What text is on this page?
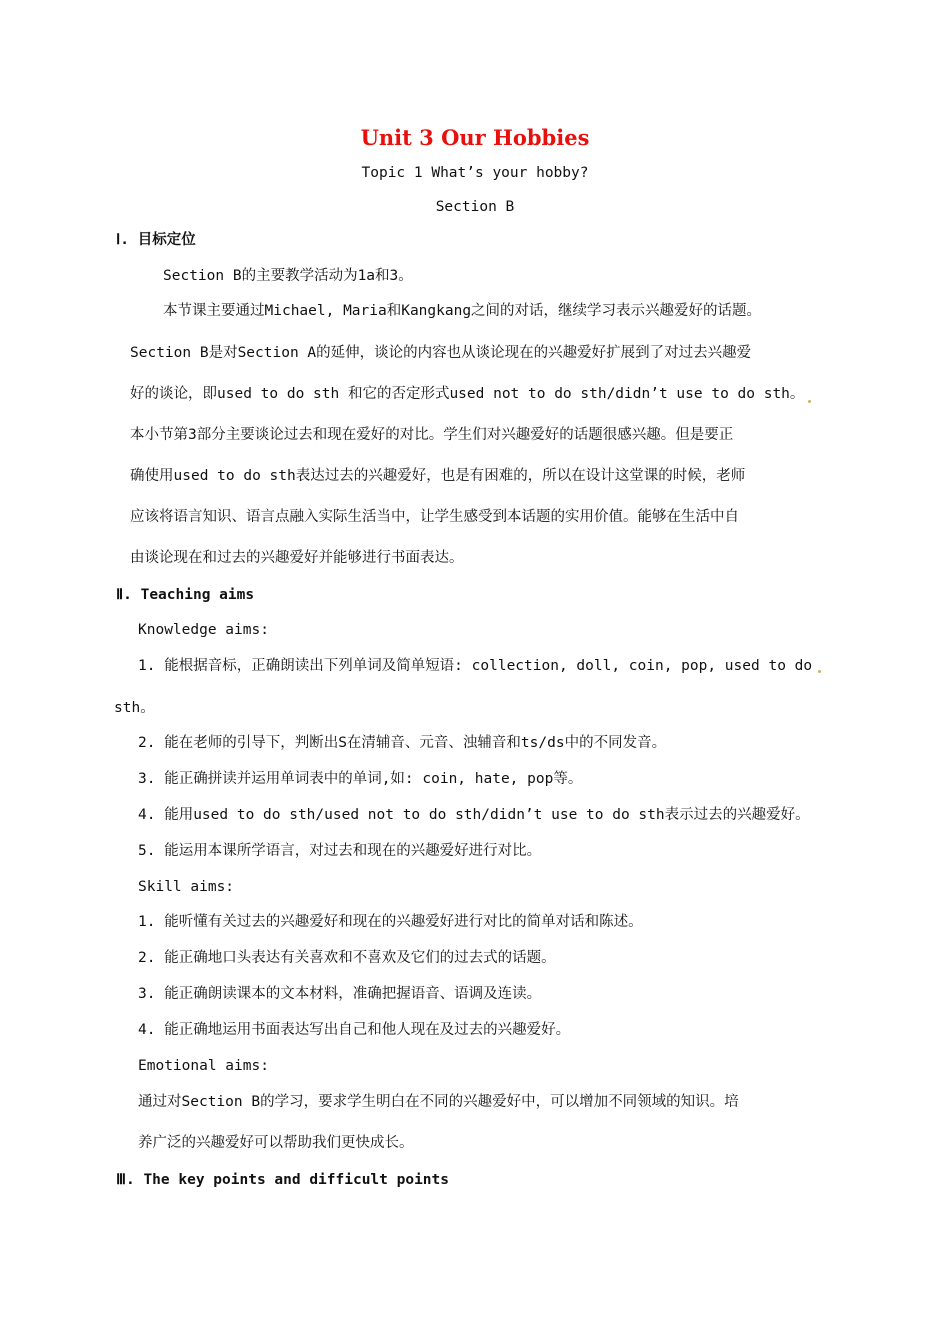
Unit 3 Our Hobbies
Topic 1 What’s your hobby?
Section B
Ⅰ. 目标定位
Section B的主要教学活动为1a和3。
本节课主要通过Michael, Maria和Kangkang之间的对话，继续学习表示兴趣爱好的话题。
Section B是对Section A的延伸，谈论的内容也从谈论现在的兴趣爱好扩展到了对过去兴趣爱
好的谈论，即used to do sth 和它的否定形式used not to do sth/didn’t use to do sth。
本小节第3部分主要谈论过去和现在爱好的对比。学生们对兴趣爱好的话题很感兴趣。但是要正
确使用used to do sth表达过去的兴趣爱好，也是有困难的，所以在设计这堂课的时候，老师
应该将语言知识、语言点融入实际生活当中，让学生感受到本话题的实用价值。能够在生活中自
由谈论现在和过去的兴趣爱好并能够进行书面表达。
Ⅱ. Teaching aims
Knowledge aims:
1. 能根据音标，正确朗读出下列单词及简单短语: collection, doll, coin, pop, used to do
sth。
2. 能在老师的引导下，判断出S在清辅音、元音、浊辅音和ts/ds中的不同发音。
3. 能正确拼读并运用单词表中的单词,如: coin, hate, pop等。
4. 能用used to do sth/used not to do sth/didn’t use to do sth表示过去的兴趣爱好。
5. 能运用本课所学语言，对过去和现在的兴趣爱好进行对比。
Skill aims:
1. 能听懂有关过去的兴趣爱好和现在的兴趣爱好进行对比的简单对话和陈述。
2. 能正确地口头表达有关喜欢和不喜欢及它们的过去式的话题。
3. 能正确朗读课本的文本材料，准确把握语音、语调及连读。
4. 能正确地运用书面表达写出自己和他人现在及过去的兴趣爱好。
Emotional aims:
通过对Section B的学习，要求学生明白在不同的兴趣爱好中，可以增加不同领域的知识。培
养广泛的兴趣爱好可以帮助我们更快成长。
Ⅲ. The key points and difficult points
